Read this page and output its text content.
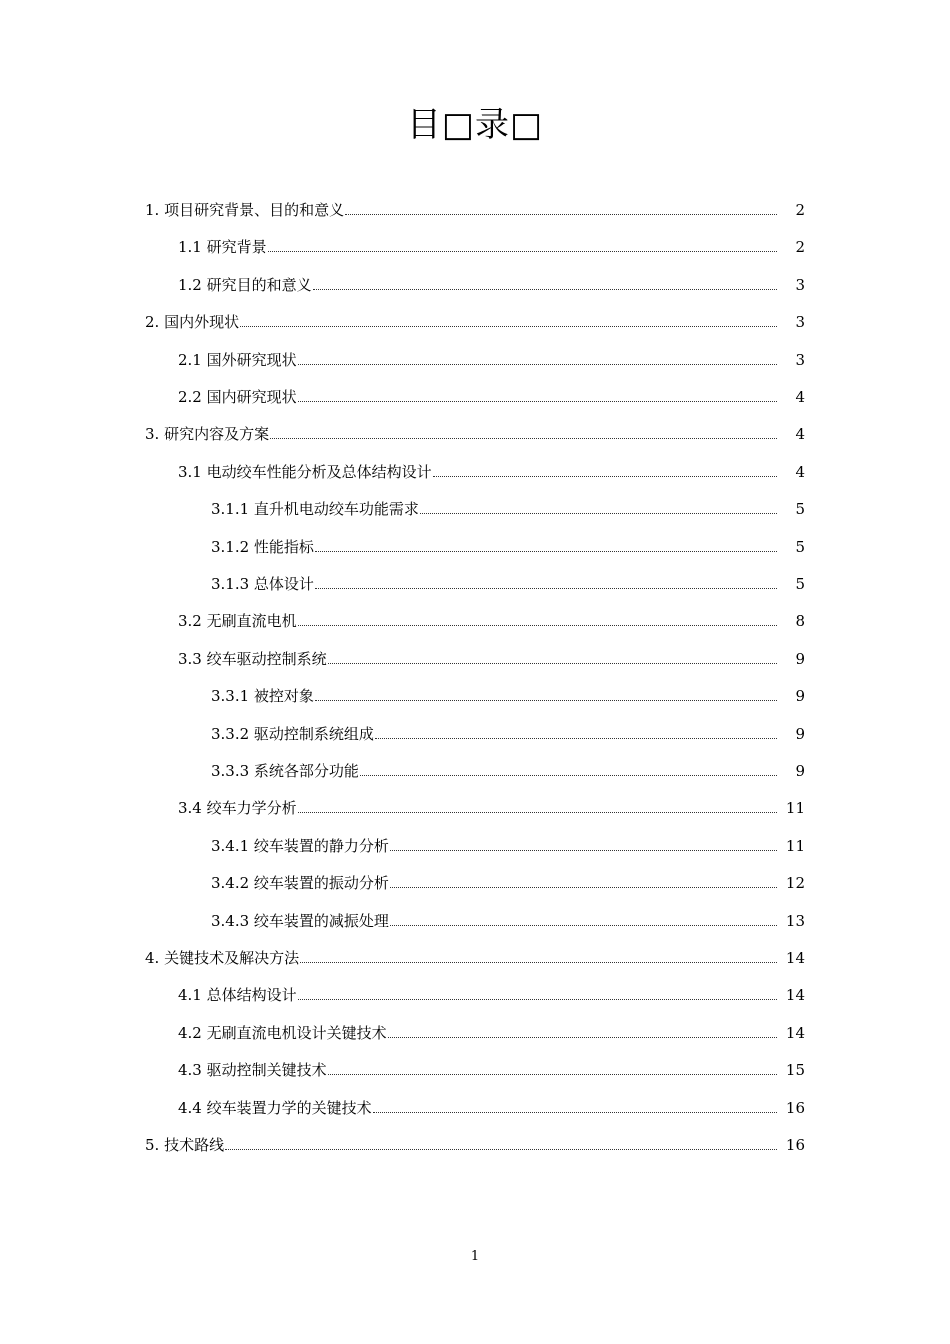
目□录□
1. 项目研究背景、目的和意义	2
1.1 研究背景	2
1.2 研究目的和意义	3
2. 国内外现状	3
2.1 国外研究现状	3
2.2 国内研究现状	4
3. 研究内容及方案	4
3.1 电动绞车性能分析及总体结构设计	4
3.1.1 直升机电动绞车功能需求	5
3.1.2 性能指标	5
3.1.3 总体设计	5
3.2 无刷直流电机	8
3.3 绞车驱动控制系统	9
3.3.1 被控对象	9
3.3.2 驱动控制系统组成	9
3.3.3 系统各部分功能	9
3.4 绞车力学分析	11
3.4.1 绞车装置的静力分析	11
3.4.2 绞车装置的振动分析	12
3.4.3 绞车装置的减振处理	13
4. 关键技术及解决方法	14
4.1 总体结构设计	14
4.2 无刷直流电机设计关键技术	14
4.3 驱动控制关键技术	15
4.4 绞车装置力学的关键技术	16
5. 技术路线	16
1
